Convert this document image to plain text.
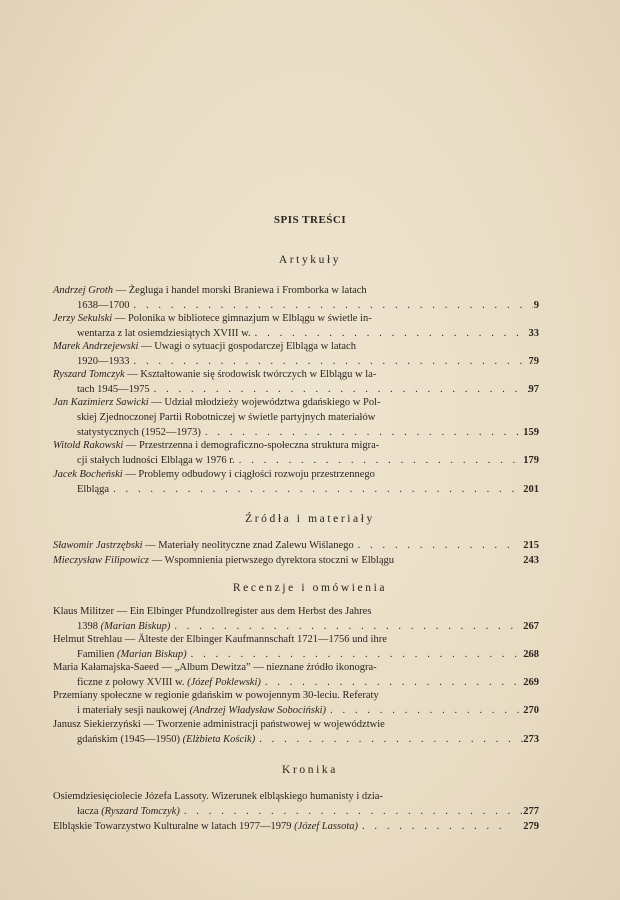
SPIS TREŚCI
Artykuły
Andrzej Groth — Żegluga i handel morski Braniewa i Fromborka w latach
1638—1700 . . .	9
Jerzy Sekulski — Polonika w bibliotece gimnazjum w Elblągu w świetle in-
wentarza z lat osiemdziesiątych XVIII w. . . .	33
Marek Andrzejewski — Uwagi o sytuacji gospodarczej Elbląga w latach
1920—1933 . . .	79
Ryszard Tomczyk — Kształtowanie się środowisk twórczych w Elblągu w la-
tach 1945—1975 . . .	97
Jan Kazimierz Sawicki — Udział młodzieży województwa gdańskiego w Pol-
skiej Zjednoczonej Partii Robotniczej w świetle partyjnych materiałów
statystycznych (1952—1973) . . .	159
Witold Rakowski — Przestrzenna i demograficzno-społeczna struktura migra-
cji stałych ludności Elbląga w 1976 r. . . .	179
Jacek Bocheński — Problemy odbudowy i ciągłości rozwoju przestrzennego
Elbląga . . .	201
Źródła i materiały
Sławomir Jastrzębski — Materiały neolityczne znad Zalewu Wiślanego . . .	215
Mieczysław Filipowicz — Wspomnienia pierwszego dyrektora stoczni w Elblągu	243
Recenzje i omówienia
Klaus Militzer — Ein Elbinger Pfundzollregister aus dem Herbst des Jahres
1398 (Marian Biskup) . . .	267
Helmut Strehlau — Älteste der Elbinger Kaufmannschaft 1721—1756 und ihre
Familien (Marian Biskup) . . .	268
Maria Kałamajska-Saeed — „Album Dewitza” — nieznane źródło ikonogra-
ficzne z połowy XVIII w. (Józef Poklewski) . . .	269
Przemiany społeczne w regionie gdańskim w powojennym 30-leciu. Referaty
i materiały sesji naukowej (Andrzej Władysław Sobociński) . . .	270
Janusz Siekierzyński — Tworzenie administracji państwowej w województwie
gdańskim (1945—1950) (Elżbieta Kościk) . . .	273
Kronika
Osiemdziesięciolecie Józefa Lassoty. Wizerunek elbląskiego humanisty i dzia-
łacza (Ryszard Tomczyk) . . .	277
Elbląskie Towarzystwo Kulturalne w latach 1977—1979 (Józef Lassota) . . .	279
